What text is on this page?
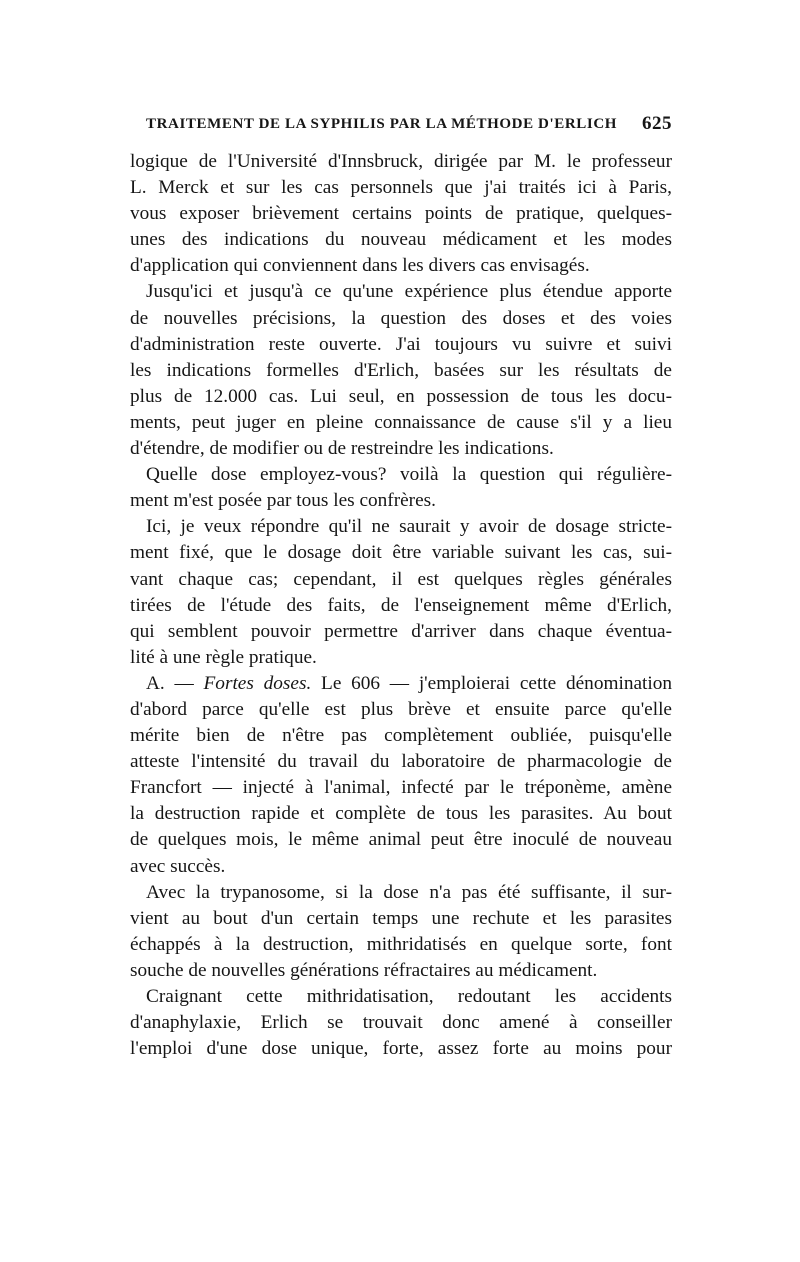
TRAITEMENT DE LA SYPHILIS PAR LA MÉTHODE D'ERLICH 625
logique de l'Université d'Innsbruck, dirigée par M. le professeur
L. Merck et sur les cas personnels que j'ai traités ici à Paris,
vous exposer brièvement certains points de pratique, quelques-
unes des indications du nouveau médicament et les modes
d'application qui conviennent dans les divers cas envisagés.
Jusqu'ici et jusqu'à ce qu'une expérience plus étendue apporte
de nouvelles précisions, la question des doses et des voies
d'administration reste ouverte. J'ai toujours vu suivre et suivi
les indications formelles d'Erlich, basées sur les résultats de
plus de 12.000 cas. Lui seul, en possession de tous les docu-
ments, peut juger en pleine connaissance de cause s'il y a lieu
d'étendre, de modifier ou de restreindre les indications.
Quelle dose employez-vous? voilà la question qui régulière-
ment m'est posée par tous les confrères.
Ici, je veux répondre qu'il ne saurait y avoir de dosage stricte-
ment fixé, que le dosage doit être variable suivant les cas, sui-
vant chaque cas; cependant, il est quelques règles générales
tirées de l'étude des faits, de l'enseignement même d'Erlich,
qui semblent pouvoir permettre d'arriver dans chaque éventua-
lité à une règle pratique.
A. — Fortes doses. Le 606 — j'emploierai cette dénomination
d'abord parce qu'elle est plus brève et ensuite parce qu'elle
mérite bien de n'être pas complètement oubliée, puisqu'elle
atteste l'intensité du travail du laboratoire de pharmacologie de
Francfort — injecté à l'animal, infecté par le tréponème, amène
la destruction rapide et complète de tous les parasites. Au bout
de quelques mois, le même animal peut être inoculé de nouveau
avec succès.
Avec la trypanosome, si la dose n'a pas été suffisante, il sur-
vient au bout d'un certain temps une rechute et les parasites
échappés à la destruction, mithridatisés en quelque sorte, font
souche de nouvelles générations réfractaires au médicament.
Craignant cette mithridatisation, redoutant les accidents
d'anaphylaxie, Erlich se trouvait donc amené à conseiller
l'emploi d'une dose unique, forte, assez forte au moins pour
